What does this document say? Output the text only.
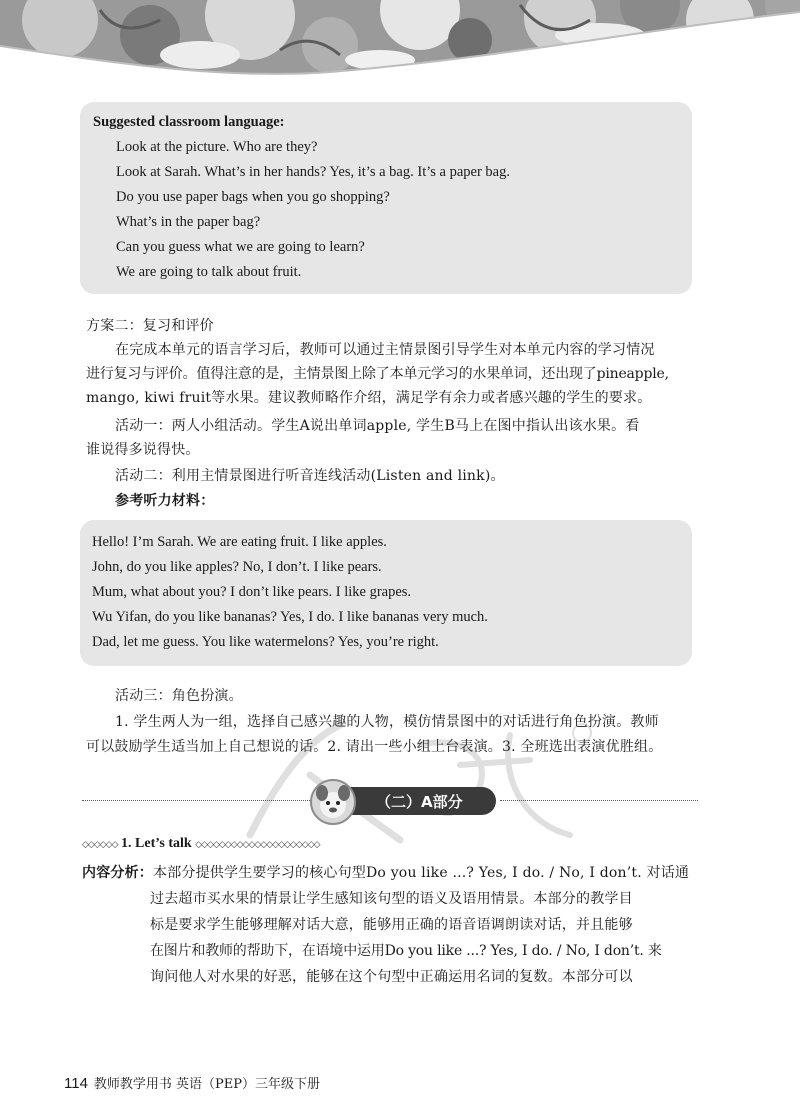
Suggested classroom language:
Look at the picture. Who are they?
Look at Sarah. What’s in her hands? Yes, it’s a bag. It’s a paper bag.
Do you use paper bags when you go shopping?
What’s in the paper bag?
Can you guess what we are going to learn?
We are going to talk about fruit.
方案二：复习和评价
在完成本单元的语言学习后，教师可以通过主情景图引导学生对本单元内容的学习情况
进行复习与评价。值得注意的是，主情景图上除了本单元学习的水果单词，还出现了pineapple,
mango, kiwi fruit等水果。建议教师略作介绍，满足学有余力或者感兴趣的学生的要求。
活动一：两人小组活动。学生A说出单词apple, 学生B马上在图中指认出该水果。看
谁说得多说得快。
活动二：利用主情景图进行听音连线活动(Listen and link)。
参考听力材料：
Hello! I’m Sarah. We are eating fruit. I like apples.
John, do you like apples? No, I don’t. I like pears.
Mum, what about you? I don’t like pears. I like grapes.
Wu Yifan, do you like bananas? Yes, I do. I like bananas very much.
Dad, let me guess. You like watermelons? Yes, you’re right.
活动三：角色扮演。
1. 学生两人为一组，选择自己感兴趣的人物，模仿情景图中的对话进行角色扮演。教师
可以鼓励学生适当加上自己想说的话。2. 请出一些小组上台表演。3. 全班选出表演优胜组。
（二）A部分
◇◇◇◇◇◇ 1. Let’s talk ◇◇◇◇◇◇◇◇◇◇◇◇◇◇◇◇◇◇◇◇◇
内容分析：本部分提供学生要学习的核心句型Do you like ...? Yes, I do. / No, I don’t. 对话通
过去超市买水果的情景让学生感知该句型的语义及语用情景。本部分的教学目
标是要求学生能够理解对话大意，能够用正确的语音语调朗读对话，并且能够
在图片和教师的帮助下，在语境中运用Do you like ...? Yes, I do. / No, I don’t. 来
询问他人对水果的好恶，能够在这个句型中正确运用名词的复数。本部分可以
114 教师教学用书 英语（PEP）三年级下册
